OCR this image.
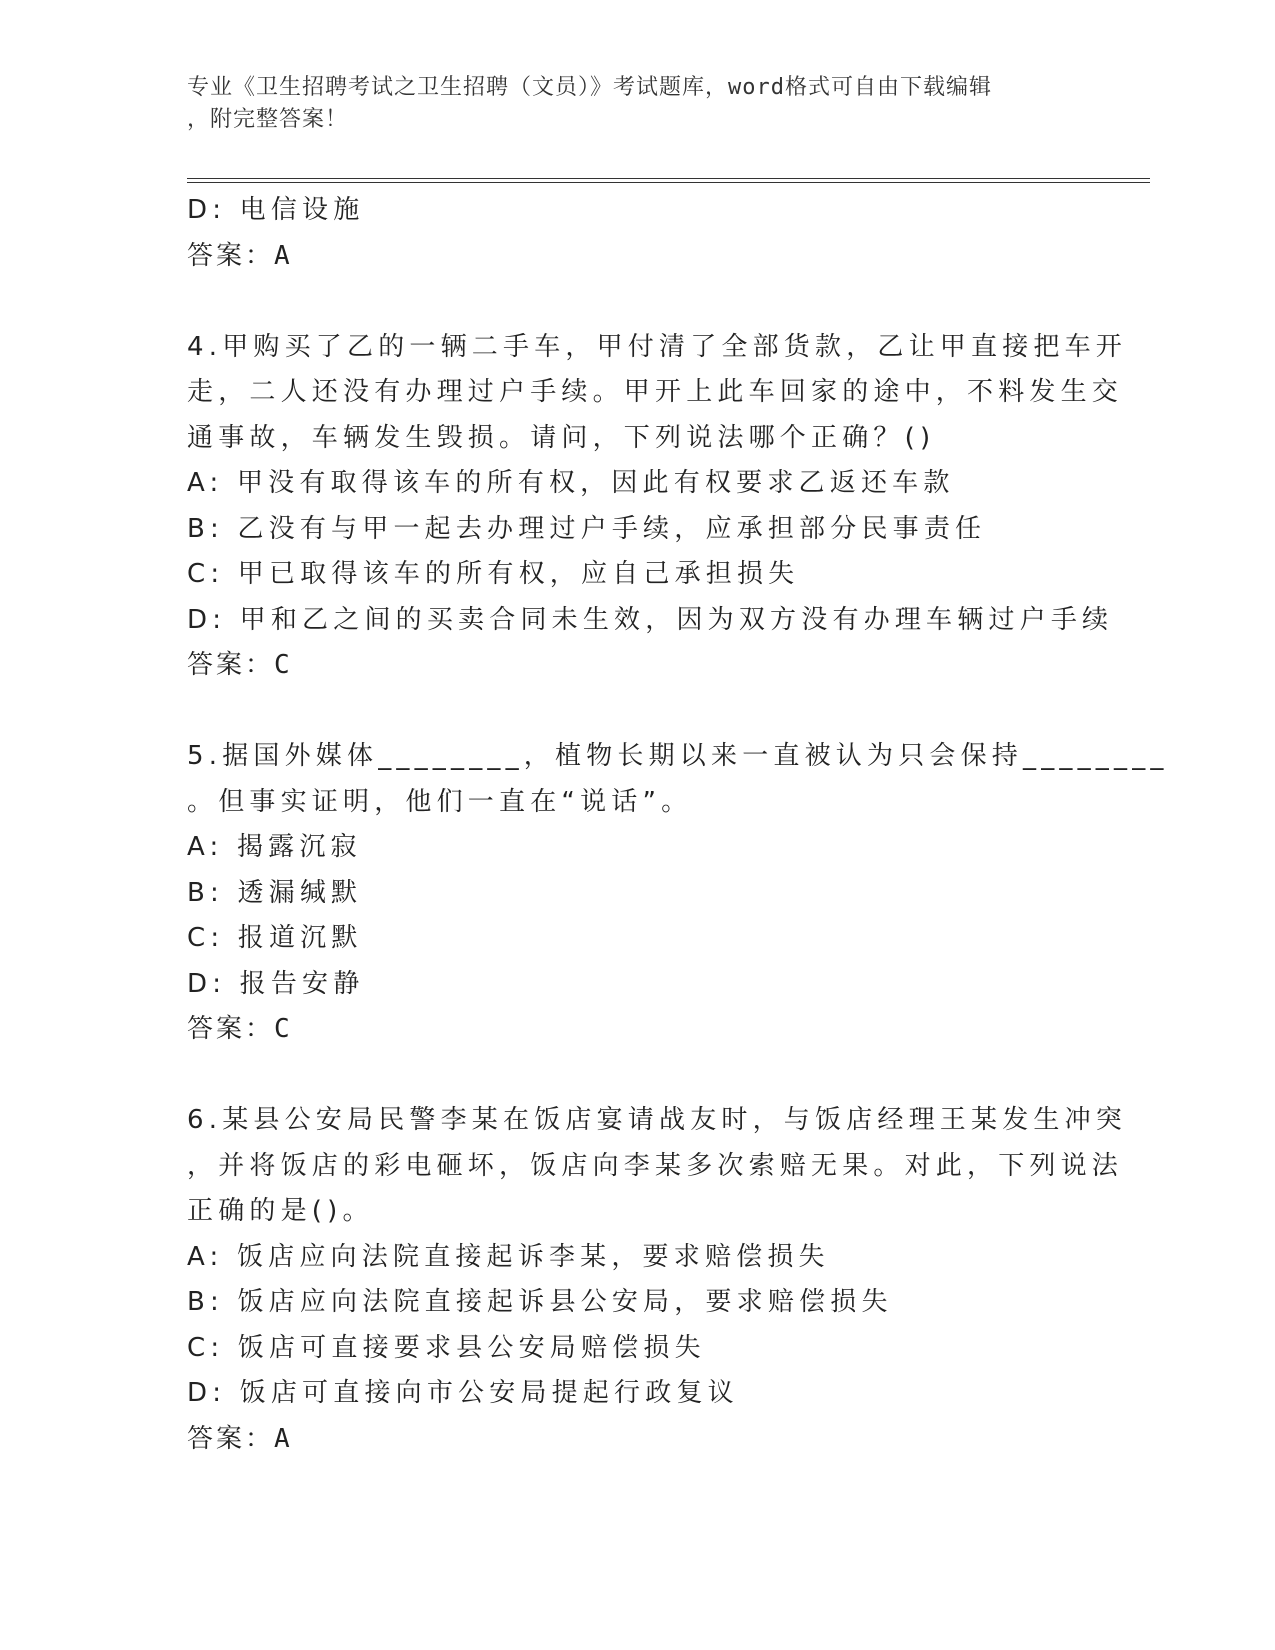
专业《卫生招聘考试之卫生招聘（文员）》考试题库，word格式可自由下载编辑
，附完整答案！
D: 电信设施
答案：A
4.甲购买了乙的一辆二手车，甲付清了全部货款，乙让甲直接把车开
走，二人还没有办理过户手续。甲开上此车回家的途中，不料发生交
通事故，车辆发生毁损。请问，下列说法哪个正确？()
A: 甲没有取得该车的所有权，因此有权要求乙返还车款
B: 乙没有与甲一起去办理过户手续，应承担部分民事责任
C: 甲已取得该车的所有权，应自己承担损失
D: 甲和乙之间的买卖合同未生效，因为双方没有办理车辆过户手续
答案：C
5.据国外媒体________，植物长期以来一直被认为只会保持________
。但事实证明，他们一直在“说话”。
A: 揭露沉寂
B: 透漏缄默
C: 报道沉默
D: 报告安静
答案：C
6.某县公安局民警李某在饭店宴请战友时，与饭店经理王某发生冲突
，并将饭店的彩电砸坏，饭店向李某多次索赔无果。对此，下列说法
正确的是()。
A: 饭店应向法院直接起诉李某，要求赔偿损失
B: 饭店应向法院直接起诉县公安局，要求赔偿损失
C: 饭店可直接要求县公安局赔偿损失
D: 饭店可直接向市公安局提起行政复议
答案：A
